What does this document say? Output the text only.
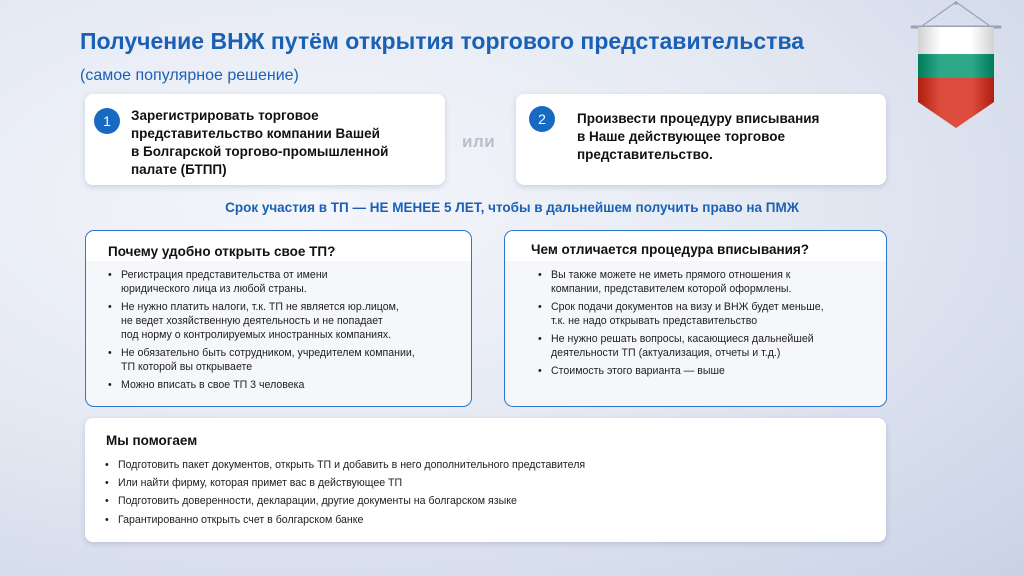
Получение ВНЖ путём открытия торгового представительства (самое популярное решение)
1	Зарегистрировать торговое
представительство компании Вашей
в Болгарской торгово-промышленной
палате (БТПП)
или
2	Произвести процедуру вписывания
в Наше действующее торговое
представительство.
Срок участия в ТП — НЕ МЕНЕЕ 5 ЛЕТ, чтобы в дальнейшем получить право на ПМЖ
Почему удобно открыть свое ТП?
• Регистрация представительства от имени
юридического лица из любой страны.
• Не нужно платить налоги, т.к. ТП не является юр.лицом,
не ведет хозяйственную деятельность и не попадает
под норму о контролируемых иностранных компаниях.
• Не обязательно быть сотрудником, учредителем компании,
ТП которой вы открываете
• Можно вписать в свое ТП 3 человека
Чем отличается процедура вписывания?
• Вы также можете не иметь прямого отношения к
компании, представителем которой оформлены.
• Срок подачи документов на визу и ВНЖ будет меньше,
т.к. не надо открывать представительство
• Не нужно решать вопросы, касающиеся дальнейшей
деятельности ТП (актуализация, отчеты и т.д.)
• Стоимость этого варианта — выше
Мы помогаем
• Подготовить пакет документов, открыть ТП и добавить в него дополнительного представителя
• Или найти фирму, которая примет вас в действующее ТП
• Подготовить доверенности, декларации, другие документы на болгарском языке
• Гарантированно открыть счет в болгарском банке
